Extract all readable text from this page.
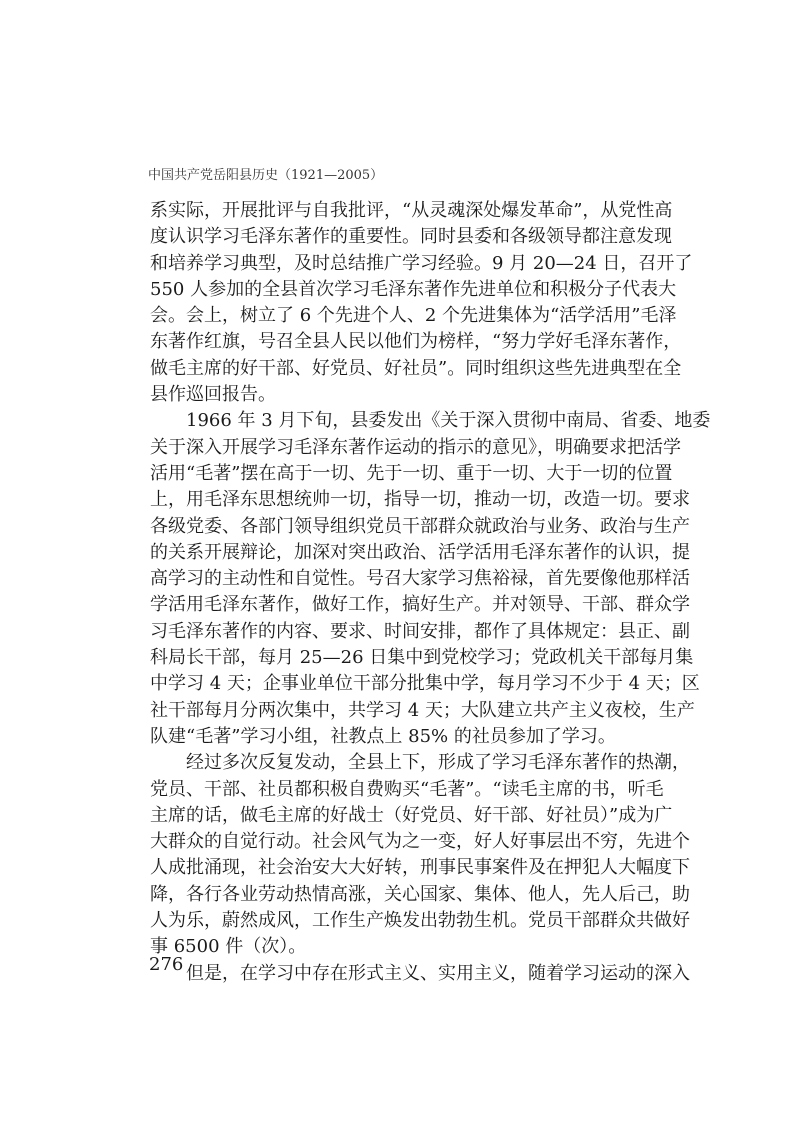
中国共产党岳阳县历史（1921—2005）
系实际，开展批评与自我批评，“从灵魂深处爆发革命”，从党性高
度认识学习毛泽东著作的重要性。同时县委和各级领导都注意发现
和培养学习典型，及时总结推广学习经验。9 月 20—24 日，召开了
550 人参加的全县首次学习毛泽东著作先进单位和积极分子代表大
会。会上，树立了 6 个先进个人、2 个先进集体为“活学活用”毛泽
东著作红旗，号召全县人民以他们为榜样，“努力学好毛泽东著作，
做毛主席的好干部、好党员、好社员”。同时组织这些先进典型在全
县作巡回报告。
1966 年 3 月下旬，县委发出《关于深入贯彻中南局、省委、地委
关于深入开展学习毛泽东著作运动的指示的意见》，明确要求把活学
活用“毛著”摆在高于一切、先于一切、重于一切、大于一切的位置
上，用毛泽东思想统帅一切，指导一切，推动一切，改造一切。要求
各级党委、各部门领导组织党员干部群众就政治与业务、政治与生产
的关系开展辩论，加深对突出政治、活学活用毛泽东著作的认识，提
高学习的主动性和自觉性。号召大家学习焦裕禄，首先要像他那样活
学活用毛泽东著作，做好工作，搞好生产。并对领导、干部、群众学
习毛泽东著作的内容、要求、时间安排，都作了具体规定：县正、副
科局长干部，每月 25—26 日集中到党校学习；党政机关干部每月集
中学习 4 天；企事业单位干部分批集中学，每月学习不少于 4 天；区
社干部每月分两次集中，共学习 4 天；大队建立共产主义夜校，生产
队建“毛著”学习小组，社教点上 85% 的社员参加了学习。
经过多次反复发动，全县上下，形成了学习毛泽东著作的热潮，
党员、干部、社员都积极自费购买“毛著”。“读毛主席的书，听毛
主席的话，做毛主席的好战士（好党员、好干部、好社员）”成为广
大群众的自觉行动。社会风气为之一变，好人好事层出不穷，先进个
人成批涌现，社会治安大大好转，刑事民事案件及在押犯人大幅度下
降，各行各业劳动热情高涨，关心国家、集体、他人，先人后己，助
人为乐，蔚然成风，工作生产焕发出勃勃生机。党员干部群众共做好
事 6500 件（次）。
但是，在学习中存在形式主义、实用主义，随着学习运动的深入
276
